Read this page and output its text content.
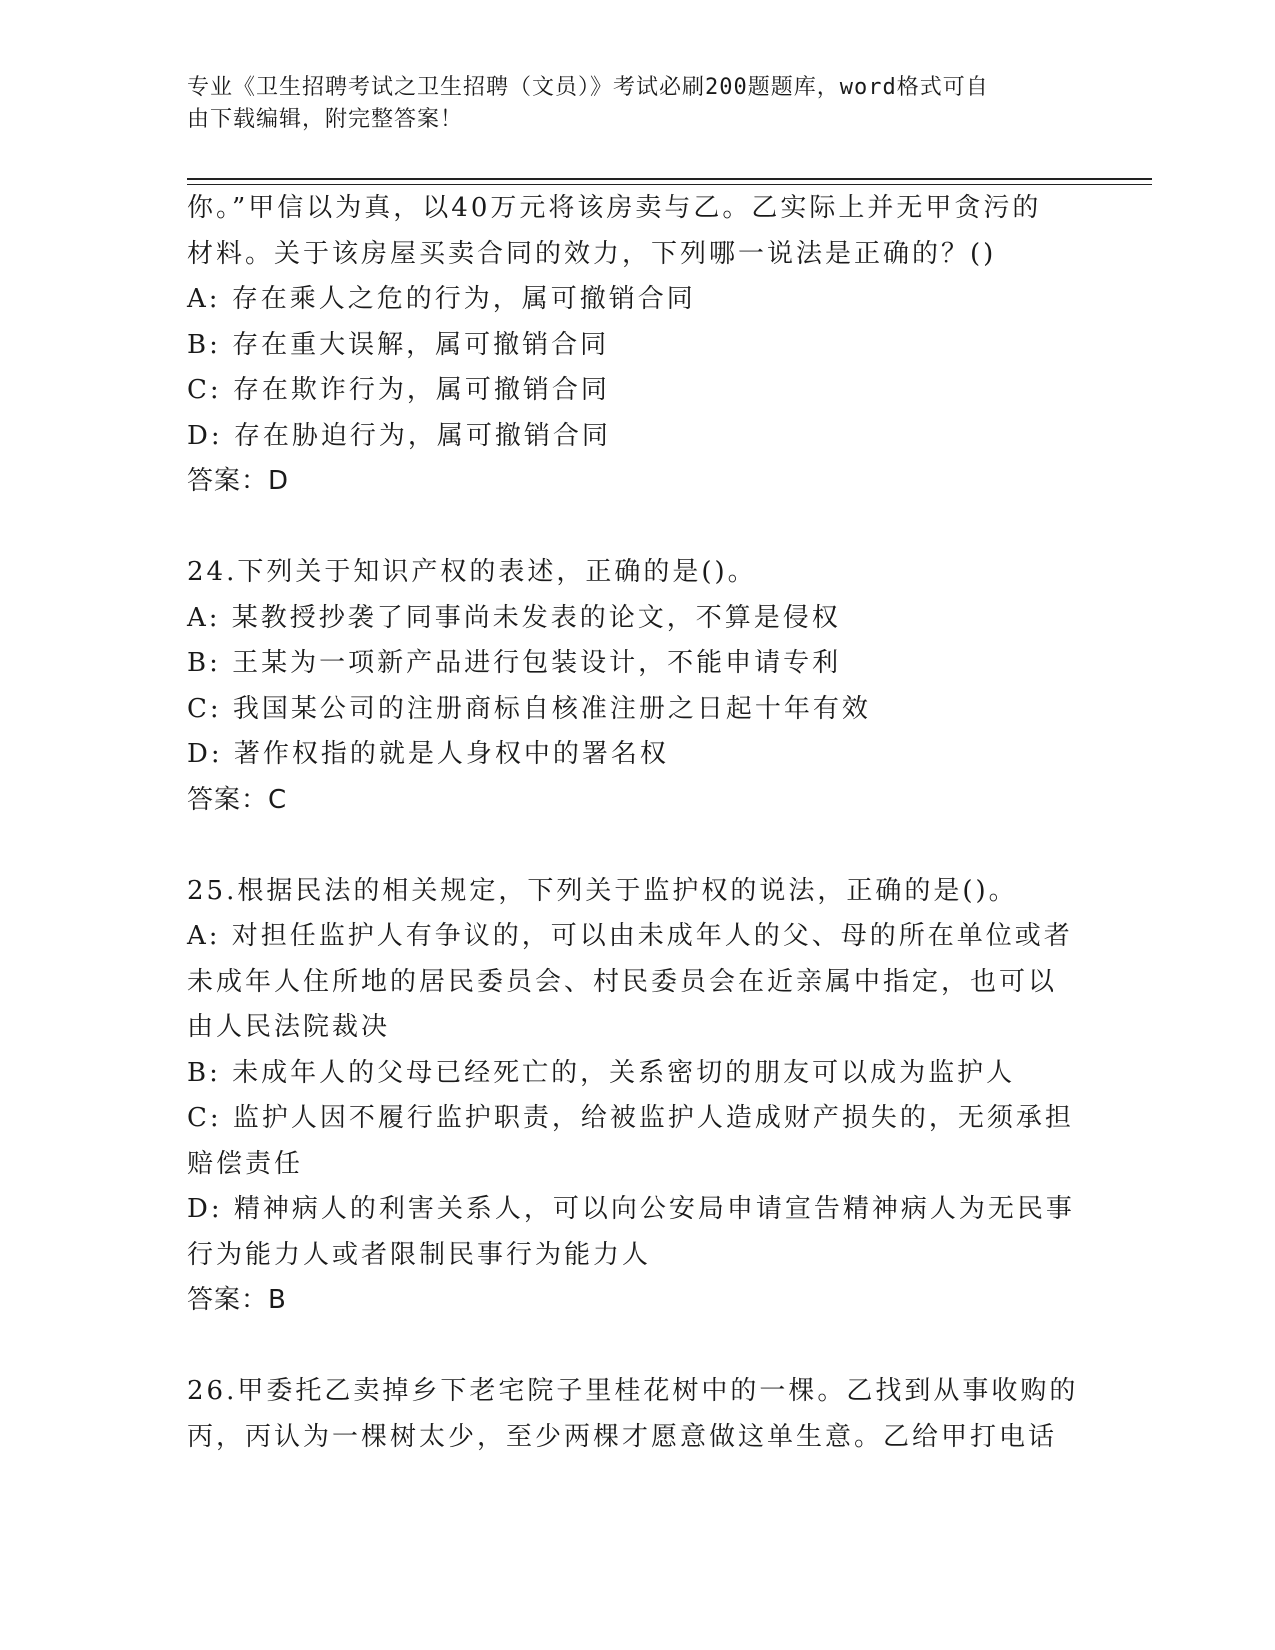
专业《卫生招聘考试之卫生招聘（文员）》考试必刷200题题库，word格式可自
由下载编辑，附完整答案！
你。”甲信以为真，以40万元将该房卖与乙。乙实际上并无甲贪污的
材料。关于该房屋买卖合同的效力，下列哪一说法是正确的？()
A: 存在乘人之危的行为，属可撤销合同
B: 存在重大误解，属可撤销合同
C: 存在欺诈行为，属可撤销合同
D: 存在胁迫行为，属可撤销合同
答案：D
24.下列关于知识产权的表述，正确的是()。
A: 某教授抄袭了同事尚未发表的论文，不算是侵权
B: 王某为一项新产品进行包装设计，不能申请专利
C: 我国某公司的注册商标自核准注册之日起十年有效
D: 著作权指的就是人身权中的署名权
答案：C
25.根据民法的相关规定，下列关于监护权的说法，正确的是()。
A: 对担任监护人有争议的，可以由未成年人的父、母的所在单位或者
未成年人住所地的居民委员会、村民委员会在近亲属中指定，也可以
由人民法院裁决
B: 未成年人的父母已经死亡的，关系密切的朋友可以成为监护人
C: 监护人因不履行监护职责，给被监护人造成财产损失的，无须承担
赔偿责任
D: 精神病人的利害关系人，可以向公安局申请宣告精神病人为无民事
行为能力人或者限制民事行为能力人
答案：B
26.甲委托乙卖掉乡下老宅院子里桂花树中的一棵。乙找到从事收购的
丙，丙认为一棵树太少，至少两棵才愿意做这单生意。乙给甲打电话
